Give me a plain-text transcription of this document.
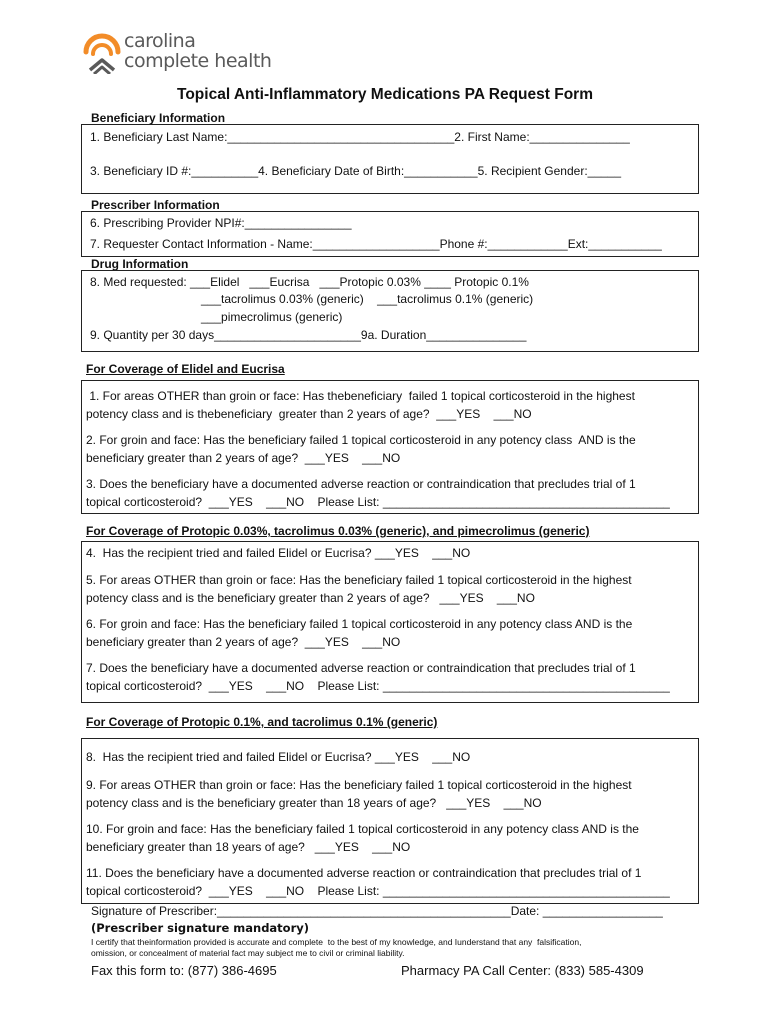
carolina
complete health
Topical Anti-Inflammatory Medications PA Request Form
Beneficiary Information
1. Beneficiary Last Name:__________________________________2. First Name:_______________
3. Beneficiary ID #:__________4. Beneficiary Date of Birth:___________5. Recipient Gender:_____
Prescriber Information
6. Prescribing Provider NPI#:________________
7. Requester Contact Information - Name:___________________Phone #:____________Ext:___________
Drug Information
8. Med requested: ___Elidel   ___Eucrisa   ___Protopic 0.03% ____ Protopic 0.1%
___tacrolimus 0.03% (generic)    ___tacrolimus 0.1% (generic)
___pimecrolimus (generic)
9. Quantity per 30 days______________________9a. Duration_______________
For Coverage of Elidel and Eucrisa
1. For areas OTHER than groin or face: Has thebeneficiary  failed 1 topical corticosteroid in the highest
potency class and is thebeneficiary  greater than 2 years of age?  ___YES    ___NO
2. For groin and face: Has the beneficiary failed 1 topical corticosteroid in any potency class  AND is the
beneficiary greater than 2 years of age?  ___YES    ___NO
3. Does the beneficiary have a documented adverse reaction or contraindication that precludes trial of 1
topical corticosteroid?  ___YES    ___NO    Please List: ___________________________________________
For Coverage of Protopic 0.03%, tacrolimus 0.03% (generic), and pimecrolimus (generic)
4.  Has the recipient tried and failed Elidel or Eucrisa? ___YES    ___NO
5. For areas OTHER than groin or face: Has the beneficiary failed 1 topical corticosteroid in the highest
potency class and is the beneficiary greater than 2 years of age?   ___YES    ___NO
6. For groin and face: Has the beneficiary failed 1 topical corticosteroid in any potency class AND is the
beneficiary greater than 2 years of age?  ___YES    ___NO
7. Does the beneficiary have a documented adverse reaction or contraindication that precludes trial of 1
topical corticosteroid?  ___YES    ___NO    Please List: ___________________________________________
For Coverage of Protopic 0.1%, and tacrolimus 0.1% (generic)
8.  Has the recipient tried and failed Elidel or Eucrisa? ___YES    ___NO
9. For areas OTHER than groin or face: Has the beneficiary failed 1 topical corticosteroid in the highest
potency class and is the beneficiary greater than 18 years of age?   ___YES    ___NO
10. For groin and face: Has the beneficiary failed 1 topical corticosteroid in any potency class AND is the
beneficiary greater than 18 years of age?   ___YES    ___NO
11. Does the beneficiary have a documented adverse reaction or contraindication that precludes trial of 1
topical corticosteroid?  ___YES    ___NO    Please List: ___________________________________________
Signature of Prescriber:____________________________________________Date: __________________
(Prescriber signature mandatory)
I certify that theinformation provided is accurate and complete  to the best of my knowledge, and Iunderstand that any  falsification,
omission, or concealment of material fact may subject me to civil or criminal liability.
Fax this form to: (877) 386-4695	Pharmacy PA Call Center: (833) 585-4309
